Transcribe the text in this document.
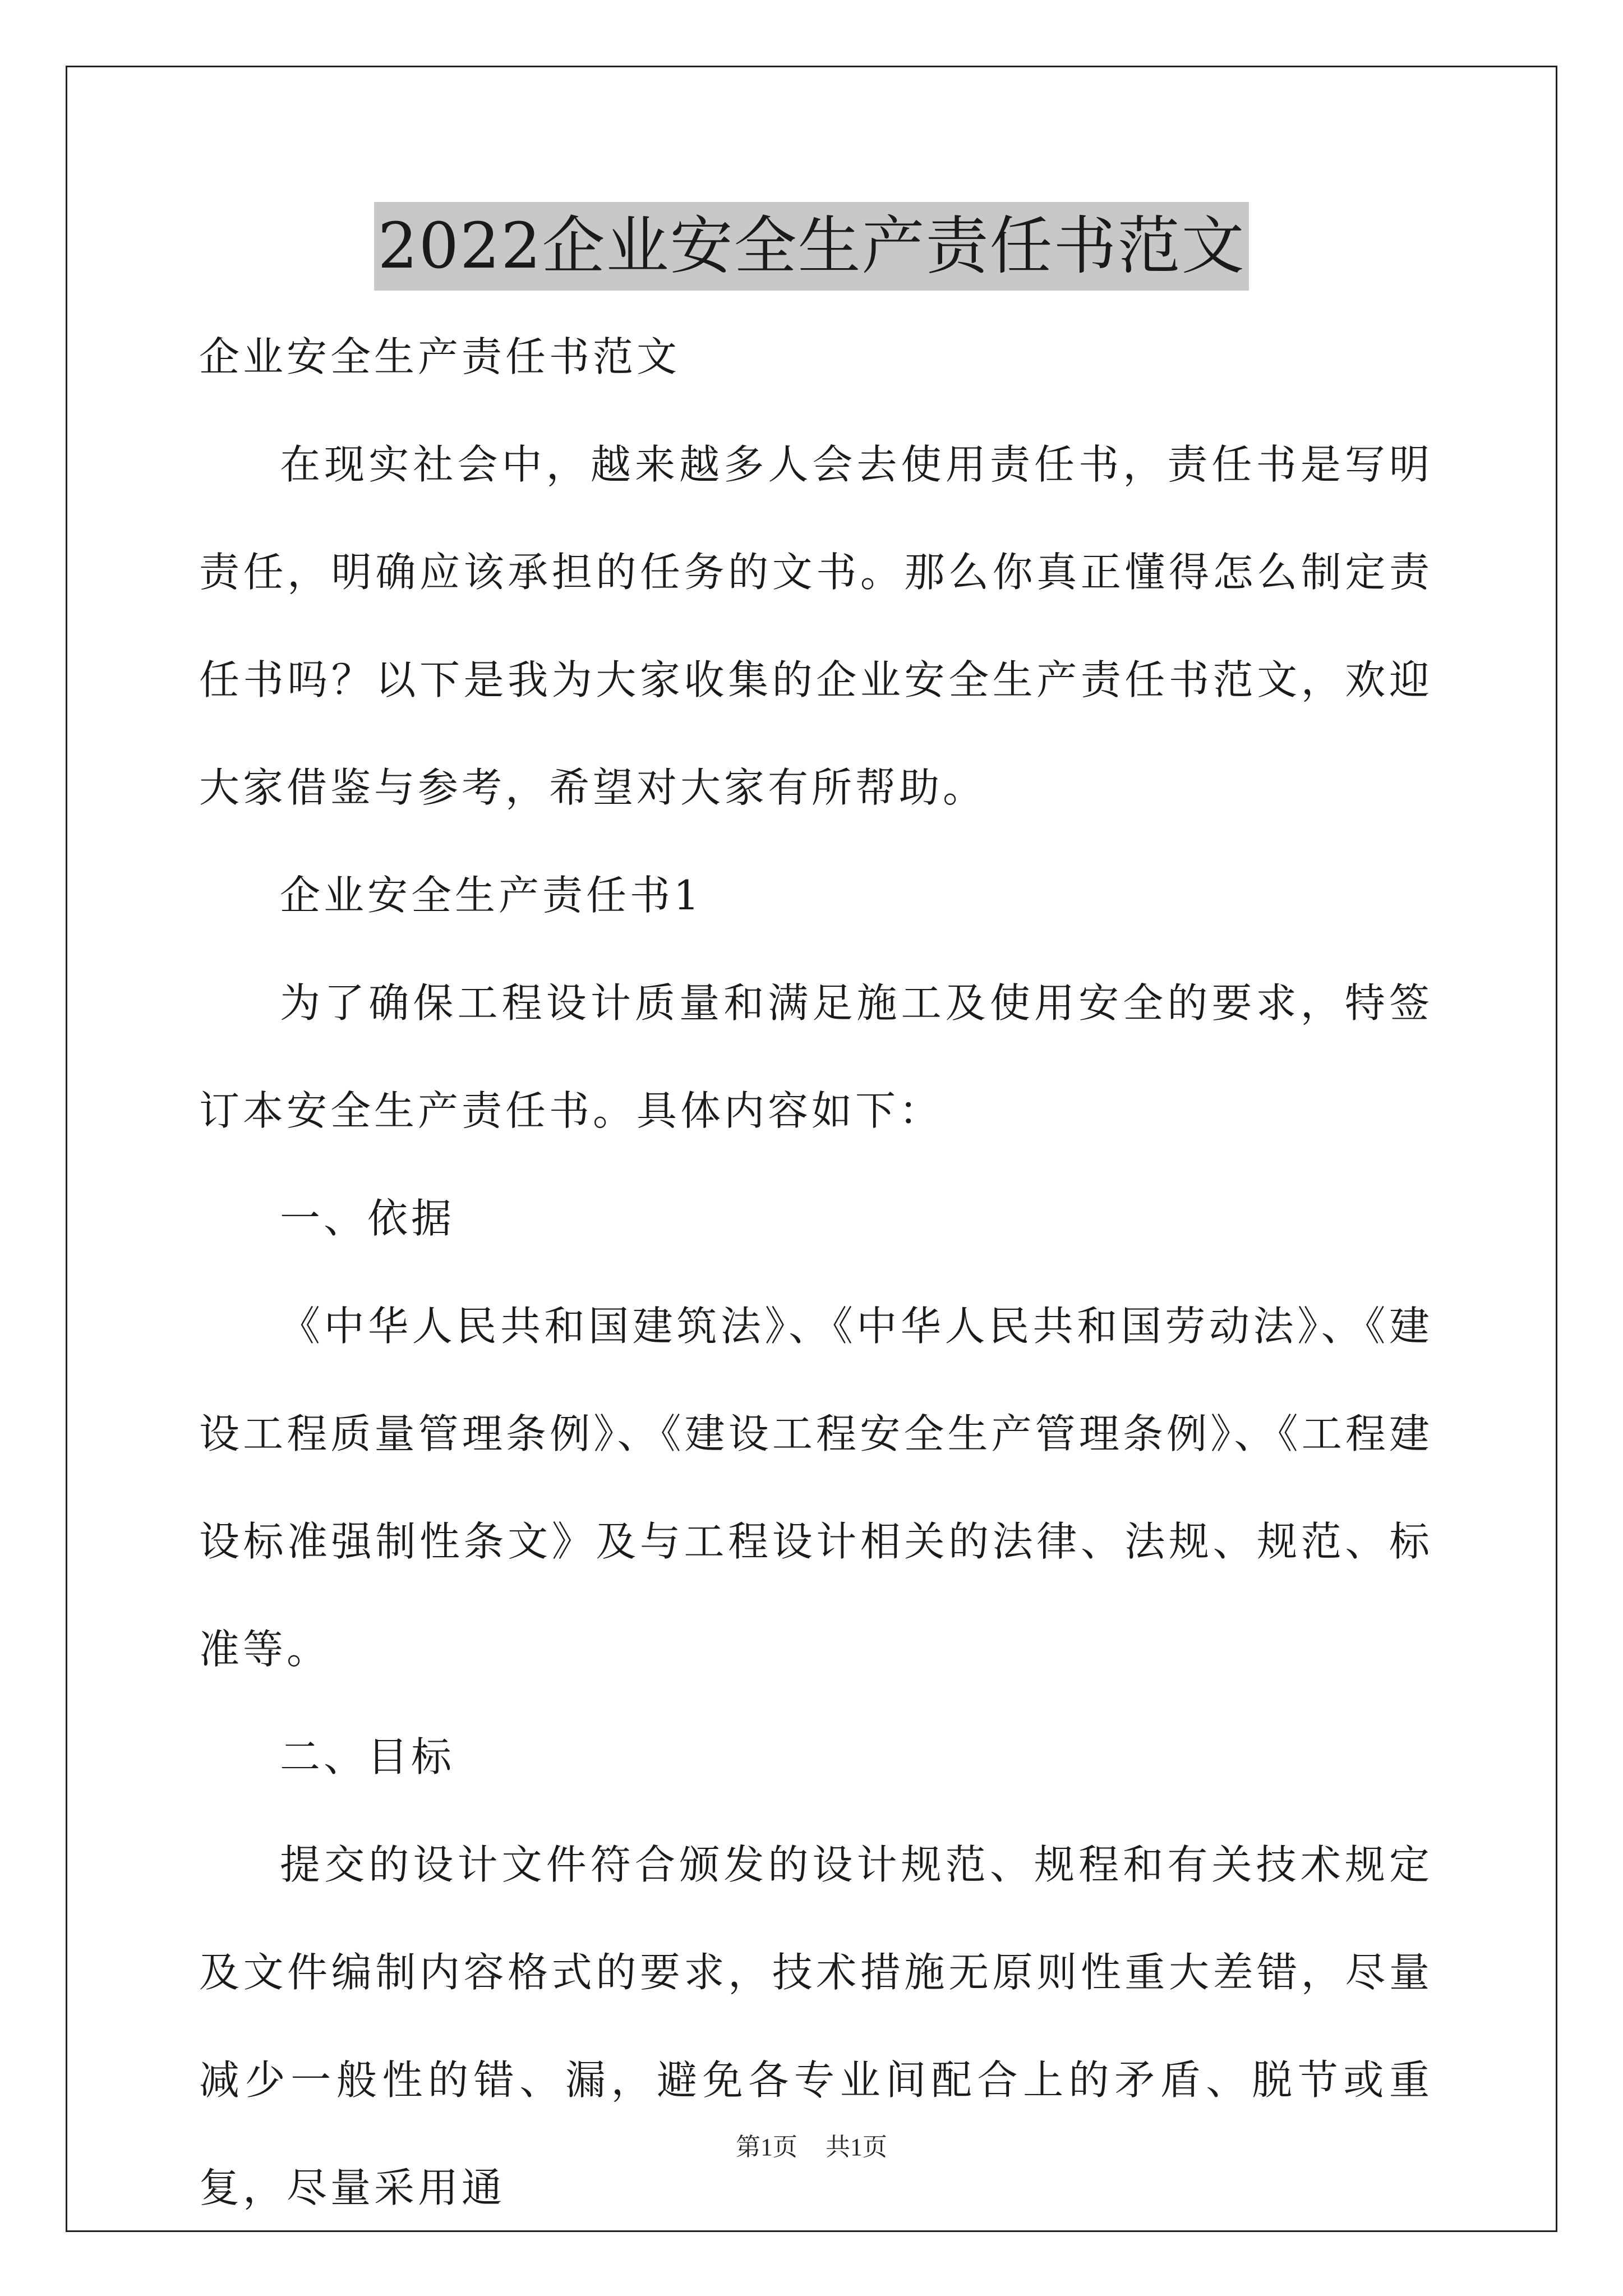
2022企业安全生产责任书范文

企业安全生产责任书范文

在现实社会中，越来越多人会去使用责任书，责任书是写明责任，明确应该承担的任务的文书。那么你真正懂得怎么制定责任书吗？以下是我为大家收集的企业安全生产责任书范文，欢迎大家借鉴与参考，希望对大家有所帮助。

企业安全生产责任书1

为了确保工程设计质量和满足施工及使用安全的要求，特签订本安全生产责任书。具体内容如下：

一、依据

《中华人民共和国建筑法》、《中华人民共和国劳动法》、《建设工程质量管理条例》、《建设工程安全生产管理条例》、《工程建设标准强制性条文》及与工程设计相关的法律、法规、规范、标准等。

二、目标

提交的设计文件符合颁发的设计规范、规程和有关技术规定及文件编制内容格式的要求，技术措施无原则性重大差错，尽量减少一般性的错、漏，避免各专业间配合上的矛盾、脱节或重复，尽量采用通

第1页 共1页
